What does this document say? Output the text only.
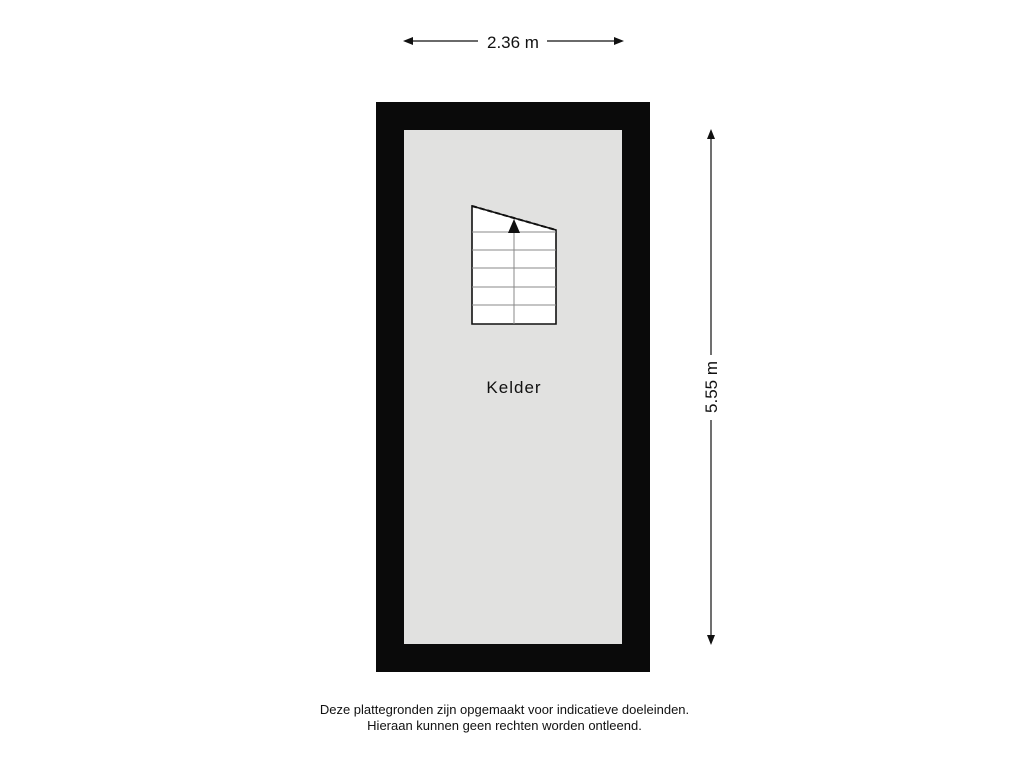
2.36 m
Kelder	5.55 m
Deze plattegronden zijn opgemaakt voor indicatieve doeleinden.
Hieraan kunnen geen rechten worden ontleend.
